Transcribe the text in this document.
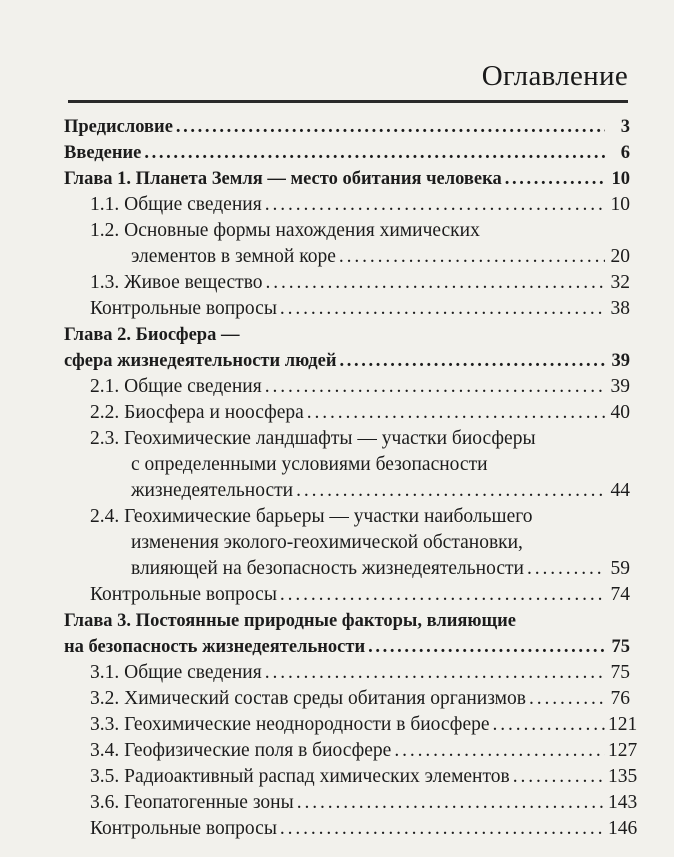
Оглавление
Предисловие . . .	3
Введение . . .	6
Глава 1. Планета Земля — место обитания человека . . .	10
1.1. Общие сведения . . .	10
1.2. Основные формы нахождения химических
элементов в земной коре . . .	20
1.3. Живое вещество . . .	32
Контрольные вопросы . . .	38
Глава 2. Биосфера —
сфера жизнедеятельности людей . . .	39
2.1. Общие сведения . . .	39
2.2. Биосфера и ноосфера . . .	40
2.3. Геохимические ландшафты — участки биосферы
с определенными условиями безопасности
жизнедеятельности . . .	44
2.4. Геохимические барьеры — участки наибольшего
изменения эколого-геохимической обстановки,
влияющей на безопасность жизнедеятельности . . .	59
Контрольные вопросы . . .	74
Глава 3. Постоянные природные факторы, влияющие
на безопасность жизнедеятельности . . .	75
3.1. Общие сведения . . .	75
3.2. Химический состав среды обитания организмов . . .	76
3.3. Геохимические неоднородности в биосфере . . .	121
3.4. Геофизические поля в биосфере . . .	127
3.5. Радиоактивный распад химических элементов . . .	135
3.6. Геопатогенные зоны . . .	143
Контрольные вопросы . . .	146
